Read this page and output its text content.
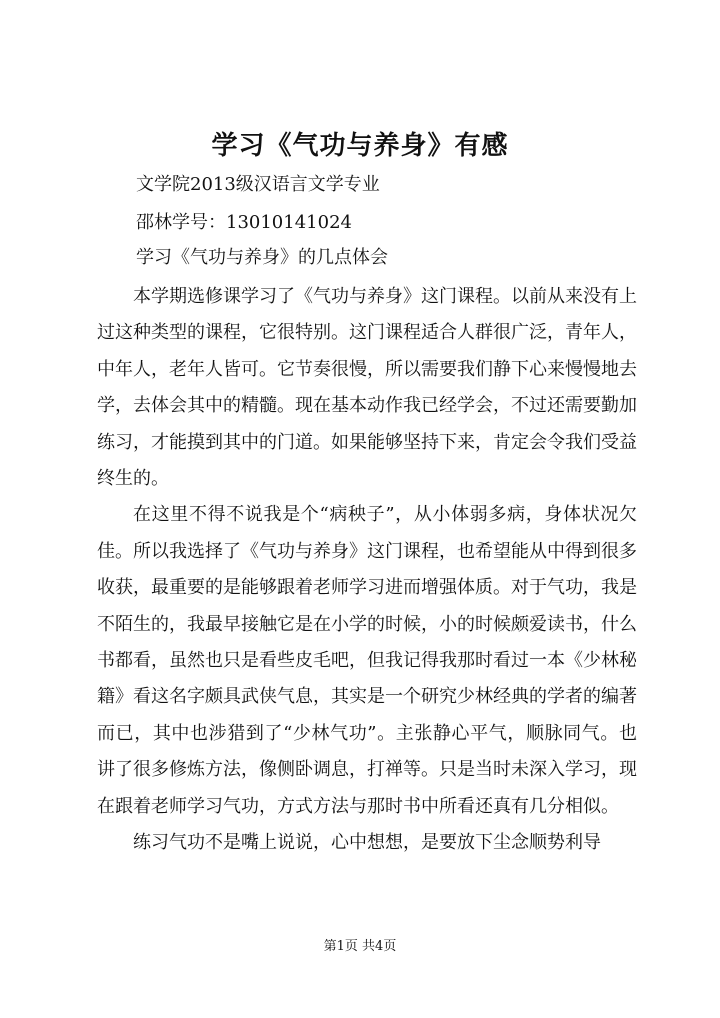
学习《气功与养身》有感
文学院2013级汉语言文学专业
邵林学号：13010141024
学习《气功与养身》的几点体会

本学期选修课学习了《气功与养身》这门课程。以前从来没有上过这种类型的课程，它很特别。这门课程适合人群很广泛，青年人，中年人，老年人皆可。它节奏很慢，所以需要我们静下心来慢慢地去学，去体会其中的精髓。现在基本动作我已经学会，不过还需要勤加练习，才能摸到其中的门道。如果能够坚持下来，肯定会令我们受益终生的。

在这里不得不说我是个“病秧子”，从小体弱多病，身体状况欠佳。所以我选择了《气功与养身》这门课程，也希望能从中得到很多收获，最重要的是能够跟着老师学习进而增强体质。对于气功，我是不陌生的，我最早接触它是在小学的时候，小的时候颇爱读书，什么书都看，虽然也只是看些皮毛吧，但我记得我那时看过一本《少林秘籍》看这名字颇具武侠气息，其实是一个研究少林经典的学者的编著而已，其中也涉猎到了“少林气功”。主张静心平气，顺脉同气。也讲了很多修炼方法，像侧卧调息，打禅等。只是当时未深入学习，现在跟着老师学习气功，方式方法与那时书中所看还真有几分相似。

练习气功不是嘴上说说，心中想想，是要放下尘念顺势利导

第1页 共4页
